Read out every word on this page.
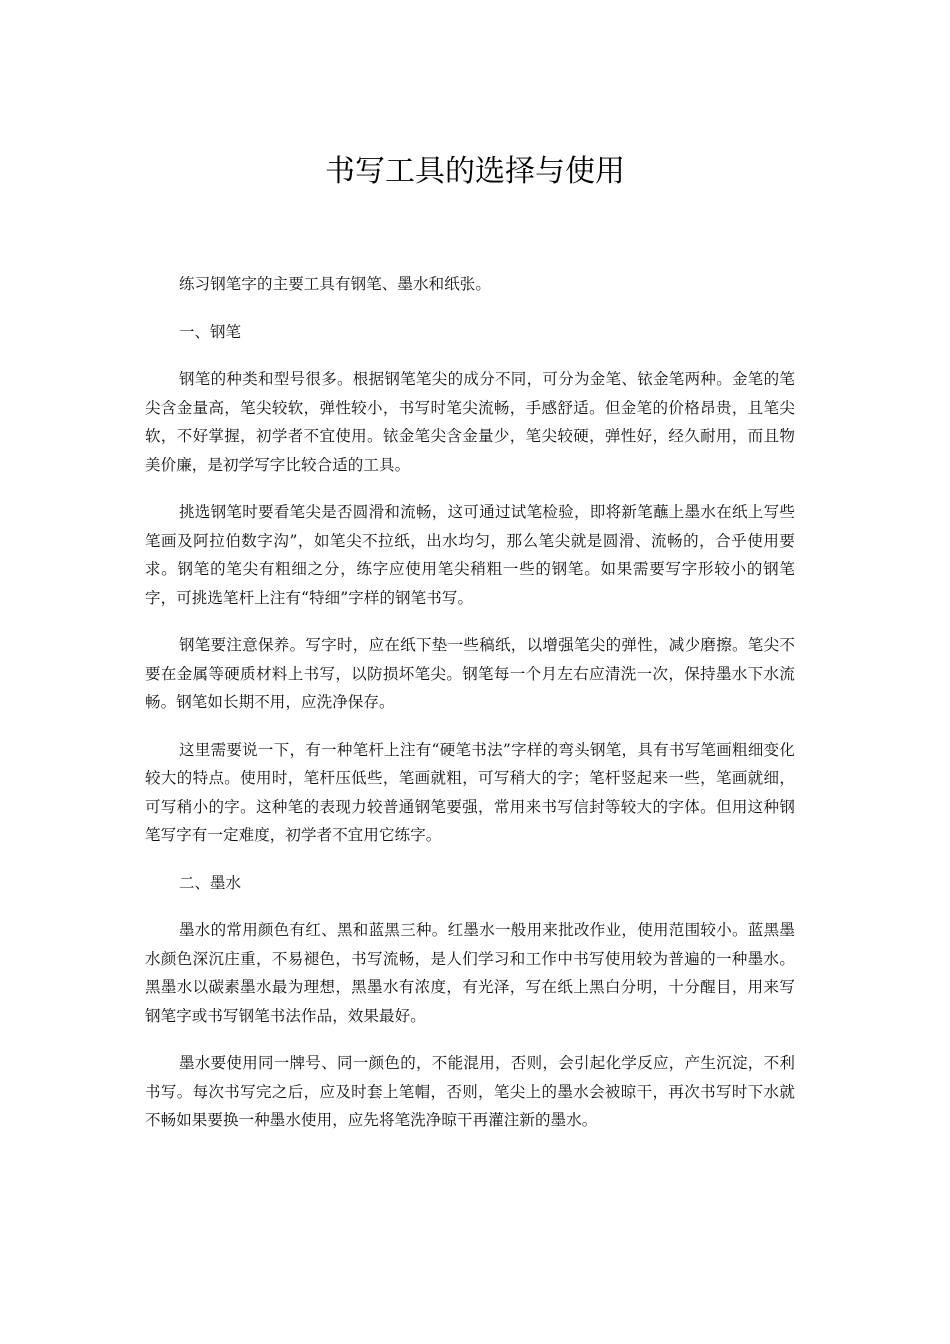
书写工具的选择与使用

练习钢笔字的主要工具有钢笔、墨水和纸张。

一、钢笔

钢笔的种类和型号很多。根据钢笔笔尖的成分不同，可分为金笔、铱金笔两种。金笔的笔尖含金量高，笔尖较软，弹性较小，书写时笔尖流畅，手感舒适。但金笔的价格昂贵，且笔尖软，不好掌握，初学者不宜使用。铱金笔尖含金量少，笔尖较硬，弹性好，经久耐用，而且物美价廉，是初学写字比较合适的工具。

挑选钢笔时要看笔尖是否圆滑和流畅，这可通过试笔检验，即将新笔蘸上墨水在纸上写些笔画及阿拉伯数字沟”，如笔尖不拉纸，出水均匀，那么笔尖就是圆滑、流畅的，合乎使用要求。钢笔的笔尖有粗细之分，练字应使用笔尖稍粗一些的钢笔。如果需要写字形较小的钢笔字，可挑选笔杆上注有“特细”字样的钢笔书写。

钢笔要注意保养。写字时，应在纸下垫一些稿纸，以增强笔尖的弹性，减少磨擦。笔尖不要在金属等硬质材料上书写，以防损坏笔尖。钢笔每一个月左右应清洗一次，保持墨水下水流畅。钢笔如长期不用，应洗净保存。

这里需要说一下，有一种笔杆上注有“硬笔书法”字样的弯头钢笔，具有书写笔画粗细变化较大的特点。使用时，笔杆压低些，笔画就粗，可写稍大的字；笔杆竖起来一些，笔画就细，可写稍小的字。这种笔的表现力较普通钢笔要强，常用来书写信封等较大的字体。但用这种钢笔写字有一定难度，初学者不宜用它练字。

二、墨水

墨水的常用颜色有红、黑和蓝黑三种。红墨水一般用来批改作业，使用范围较小。蓝黑墨水颜色深沉庄重，不易褪色，书写流畅，是人们学习和工作中书写使用较为普遍的一种墨水。黑墨水以碳素墨水最为理想，黑墨水有浓度，有光泽，写在纸上黑白分明，十分醒目，用来写钢笔字或书写钢笔书法作品，效果最好。

墨水要使用同一牌号、同一颜色的，不能混用，否则，会引起化学反应，产生沉淀，不利书写。每次书写完之后，应及时套上笔帽，否则，笔尖上的墨水会被晾干，再次书写时下水就不畅如果要换一种墨水使用，应先将笔洗净晾干再灌注新的墨水。
